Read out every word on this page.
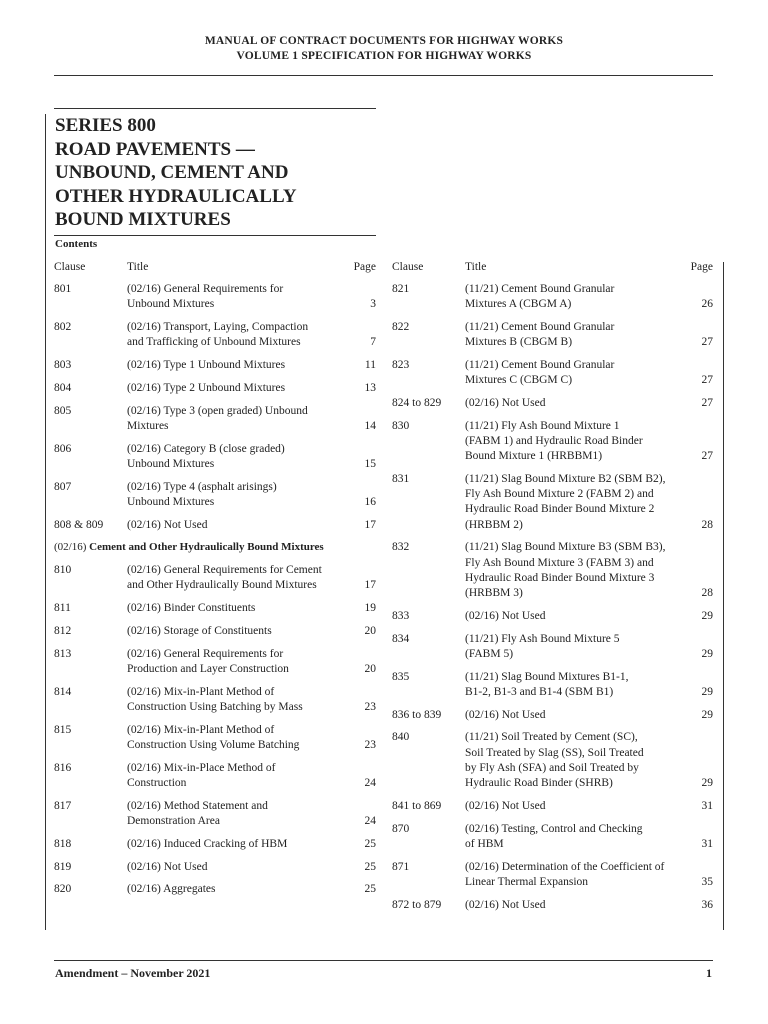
MANUAL OF CONTRACT DOCUMENTS FOR HIGHWAY WORKS
VOLUME 1 SPECIFICATION FOR HIGHWAY WORKS
SERIES 800
ROAD PAVEMENTS —
UNBOUND, CEMENT AND
OTHER HYDRAULICALLY
BOUND MIXTURES
Contents
Clause	Title	Page
801	(02/16) General Requirements for
Unbound Mixtures	3
802	(02/16) Transport, Laying, Compaction
and Trafficking of Unbound Mixtures	7
803	(02/16) Type 1 Unbound Mixtures	11
804	(02/16) Type 2 Unbound Mixtures	13
805	(02/16) Type 3 (open graded) Unbound
Mixtures	14
806	(02/16) Category B (close graded)
Unbound Mixtures	15
807	(02/16) Type 4 (asphalt arisings)
Unbound Mixtures	16
808 & 809	(02/16) Not Used	17
(02/16) Cement and Other Hydraulically Bound Mixtures
810	(02/16) General Requirements for Cement
and Other Hydraulically Bound Mixtures	17
811	(02/16) Binder Constituents	19
812	(02/16) Storage of Constituents	20
813	(02/16) General Requirements for
Production and Layer Construction	20
814	(02/16) Mix-in-Plant Method of
Construction Using Batching by Mass	23
815	(02/16) Mix-in-Plant Method of
Construction Using Volume Batching	23
816	(02/16) Mix-in-Place Method of
Construction	24
817	(02/16) Method Statement and
Demonstration Area	24
818	(02/16) Induced Cracking of HBM	25
819	(02/16) Not Used	25
820	(02/16) Aggregates	25
Clause	Title	Page
821	(11/21) Cement Bound Granular
Mixtures A (CBGM A)	26
822	(11/21) Cement Bound Granular
Mixtures B (CBGM B)	27
823	(11/21) Cement Bound Granular
Mixtures C (CBGM C)	27
824 to 829	(02/16) Not Used	27
830	(11/21) Fly Ash Bound Mixture 1
(FABM 1) and Hydraulic Road Binder
Bound Mixture 1 (HRBBM1)	27
831	(11/21) Slag Bound Mixture B2 (SBM B2),
Fly Ash Bound Mixture 2 (FABM 2) and
Hydraulic Road Binder Bound Mixture 2
(HRBBM 2)	28
832	(11/21) Slag Bound Mixture B3 (SBM B3),
Fly Ash Bound Mixture 3 (FABM 3) and
Hydraulic Road Binder Bound Mixture 3
(HRBBM 3)	28
833	(02/16) Not Used	29
834	(11/21) Fly Ash Bound Mixture 5
(FABM 5)	29
835	(11/21) Slag Bound Mixtures B1-1,
B1-2, B1-3 and B1-4 (SBM B1)	29
836 to 839	(02/16) Not Used	29
840	(11/21) Soil Treated by Cement (SC),
Soil Treated by Slag (SS), Soil Treated
by Fly Ash (SFA) and Soil Treated by
Hydraulic Road Binder (SHRB)	29
841 to 869	(02/16) Not Used	31
870	(02/16) Testing, Control and Checking
of HBM	31
871	(02/16) Determination of the Coefficient of
Linear Thermal Expansion	35
872 to 879	(02/16) Not Used	36
Amendment – November 2021	1
